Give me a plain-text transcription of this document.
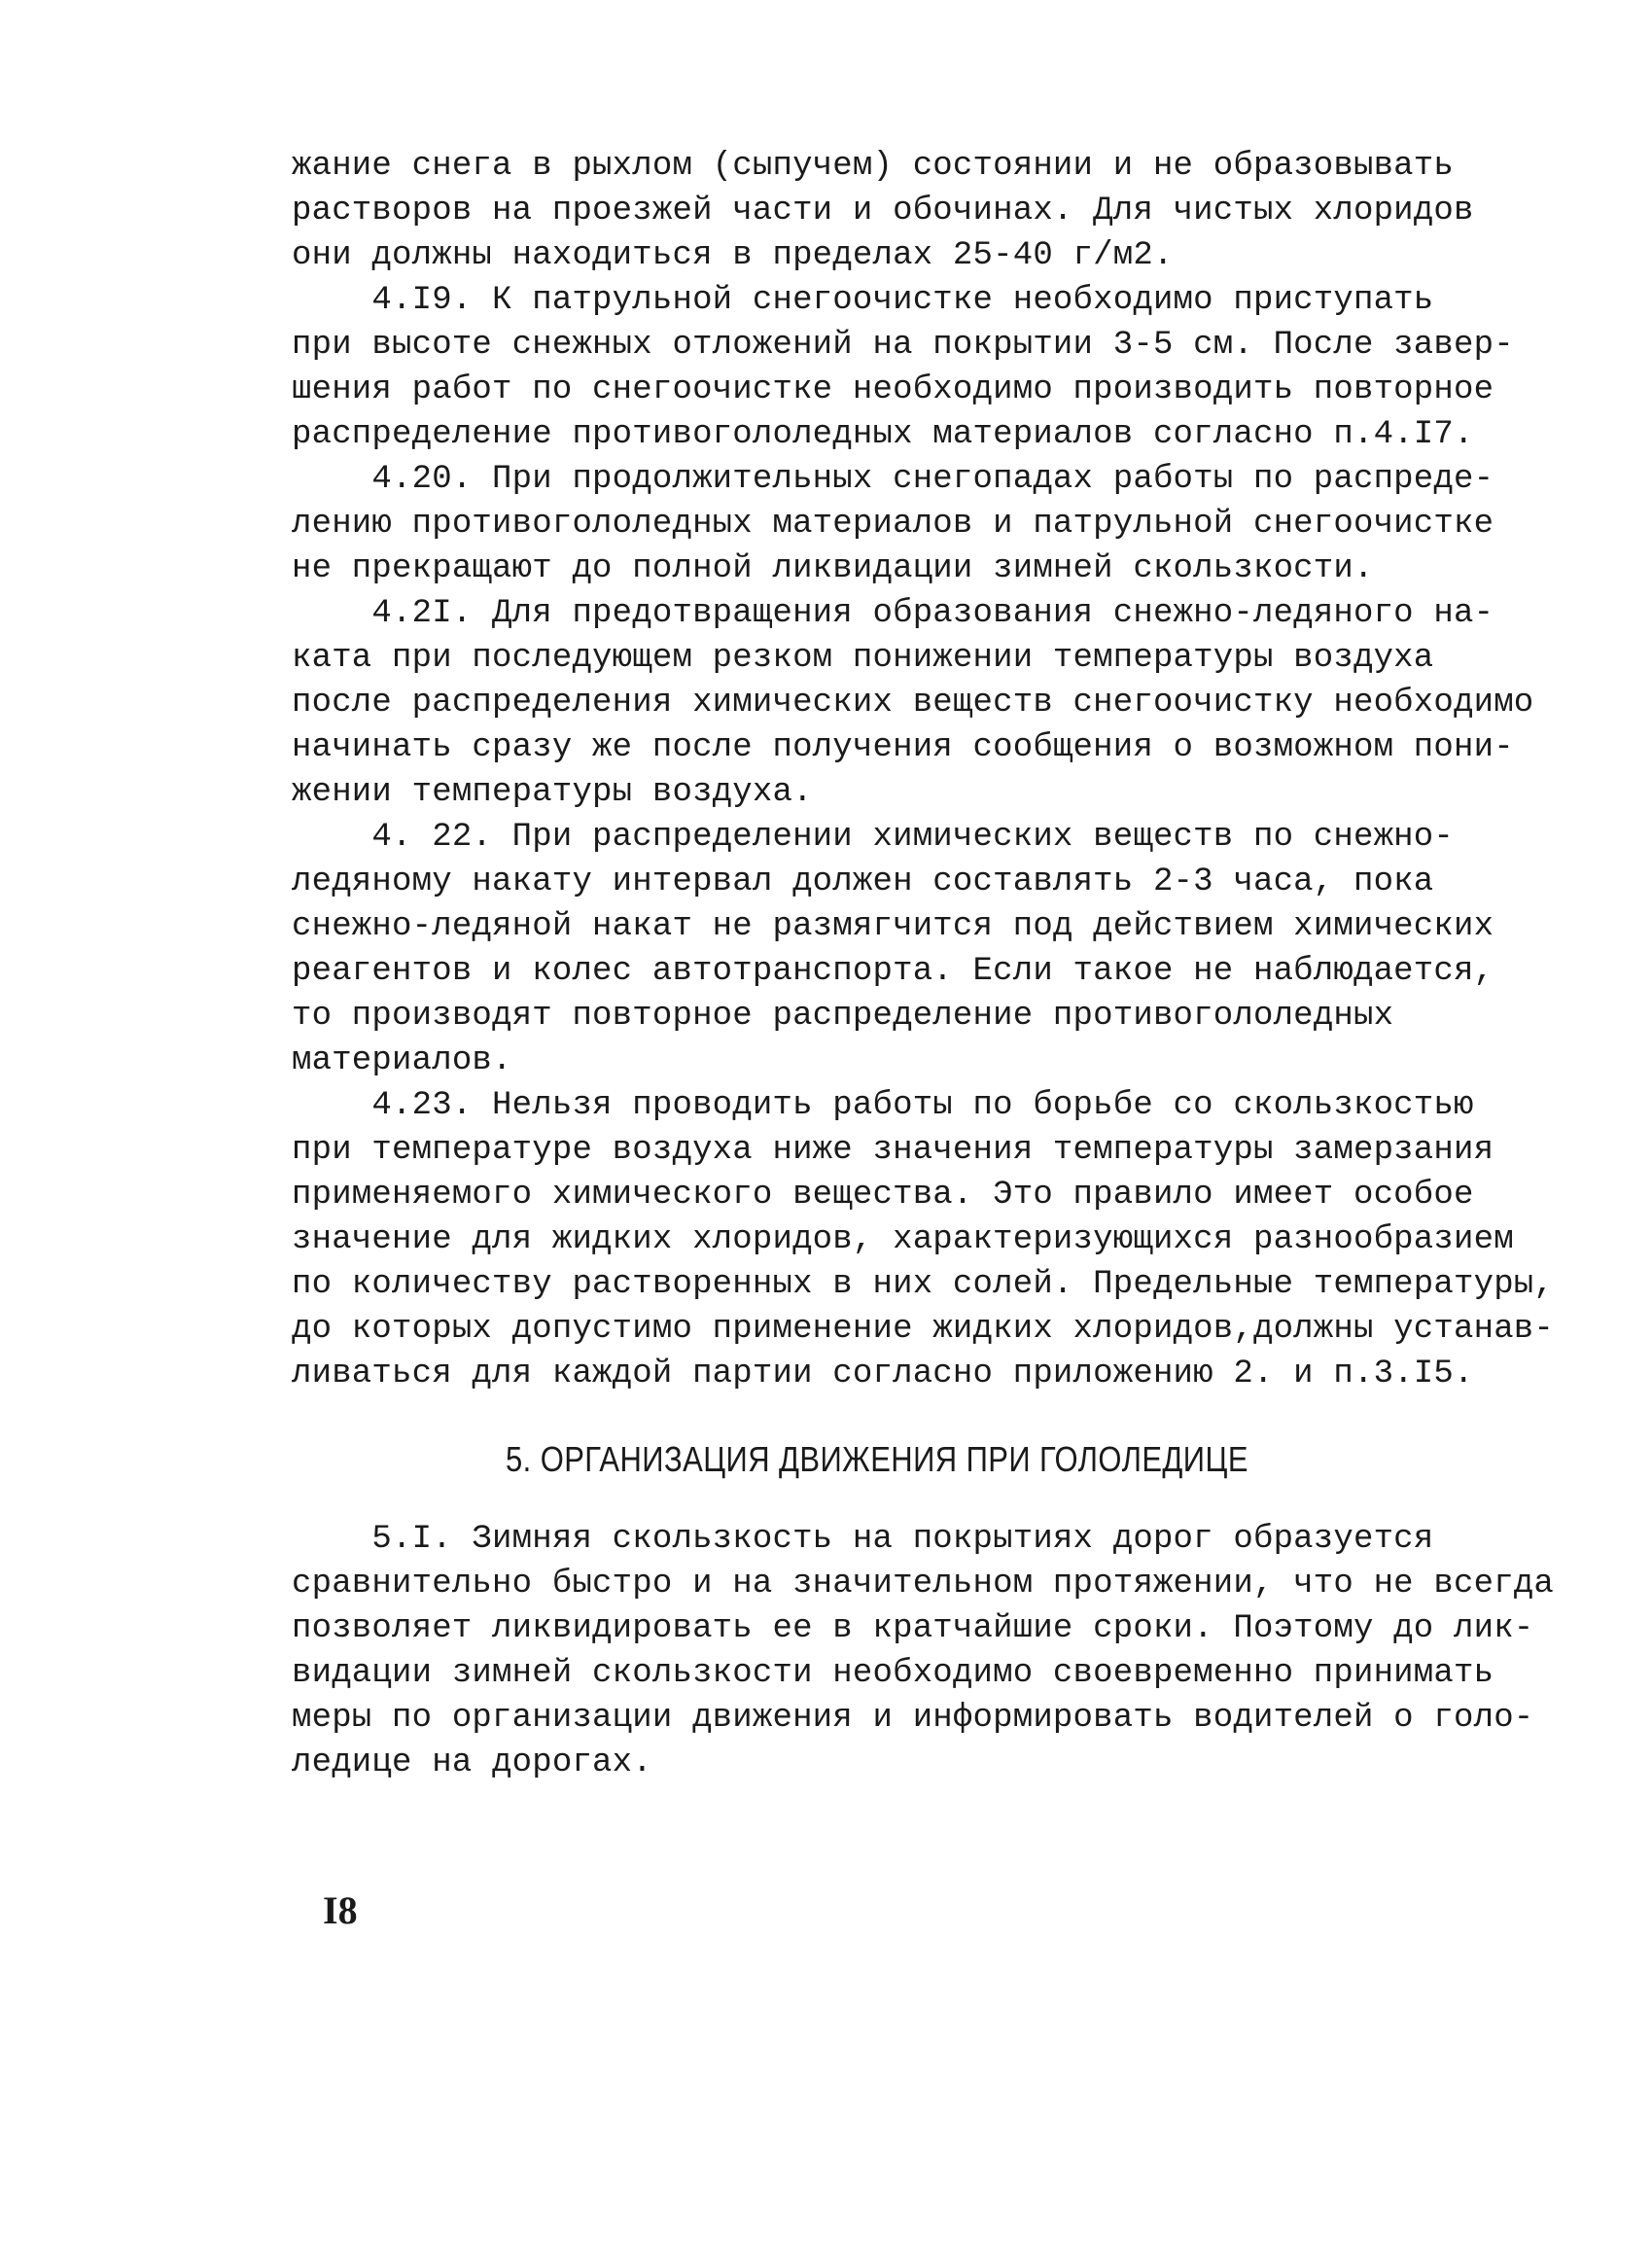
жание снега в рыхлом (сыпучем) состоянии и не образовывать
растворов на проезжей части и обочинах. Для чистых хлоридов
они должны находиться в пределах 25-40 г/м2.
4.I9. К патрульной снегоочистке необходимо приступать
при высоте снежных отложений на покрытии 3-5 см. После завер-
шения работ по снегоочистке необходимо производить повторное
распределение противогололедных материалов согласно п.4.I7.
4.20. При продолжительных снегопадах работы по распреде-
лению противогололедных материалов и патрульной снегоочистке
не прекращают до полной ликвидации зимней скользкости.
4.2I. Для предотвращения образования снежно-ледяного на-
ката при последующем резком понижении температуры воздуха
после распределения химических веществ снегоочистку необходимо
начинать сразу же после получения сообщения о возможном пони-
жении температуры воздуха.
4. 22. При распределении химических веществ по снежно-
ледяному накату интервал должен составлять 2-3 часа, пока
снежно-ледяной накат не размягчится под действием химических
реагентов и колес автотранспорта. Если такое не наблюдается,
то производят повторное распределение противогололедных
материалов.
4.23. Нельзя проводить работы по борьбе со скользкостью
при температуре воздуха ниже значения температуры замерзания
применяемого химического вещества. Это правило имеет особое
значение для жидких хлоридов, характеризующихся разнообразием
по количеству растворенных в них солей. Предельные температуры,
до которых допустимо применение жидких хлоридов,должны устанав-
ливаться для каждой партии согласно приложению 2. и п.3.I5.
5. ОРГАНИЗАЦИЯ ДВИЖЕНИЯ ПРИ ГОЛОЛЕДИЦЕ
5.I. Зимняя скользкость на покрытиях дорог образуется
сравнительно быстро и на значительном протяжении, что не всегда
позволяет ликвидировать ее в кратчайшие сроки. Поэтому до лик-
видации зимней скользкости необходимо своевременно принимать
меры по организации движения и информировать водителей о голо-
ледице на дорогах.
I8
